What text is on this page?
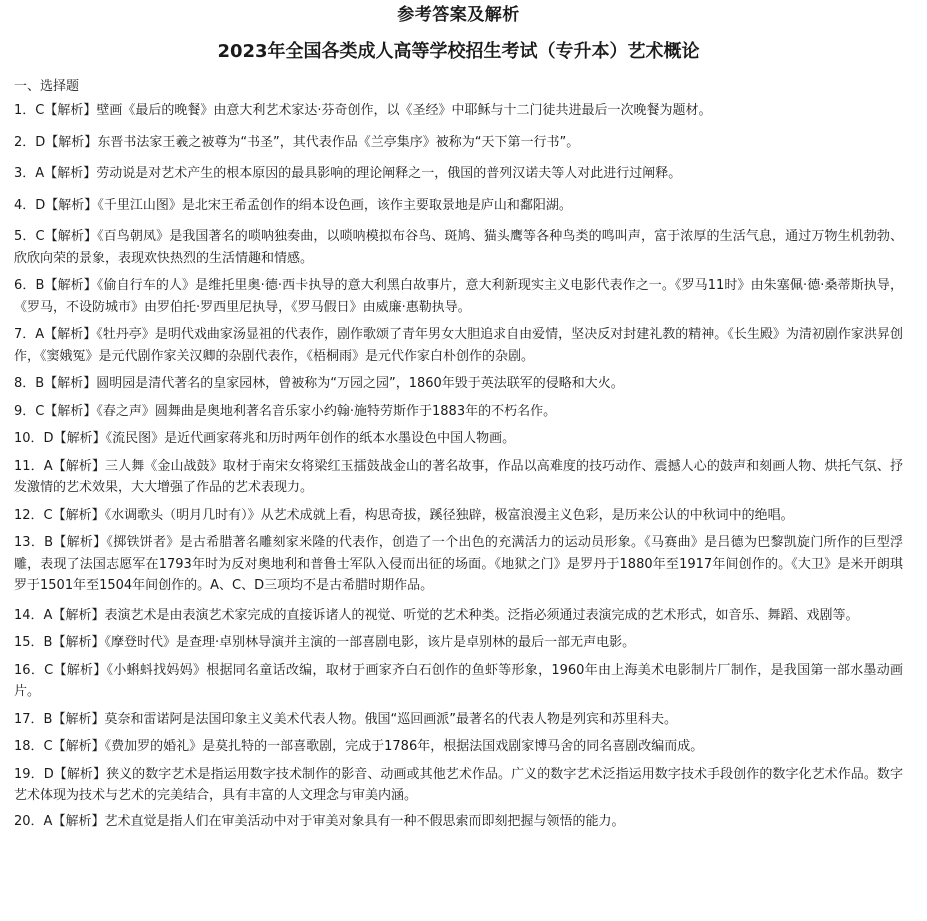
参考答案及解析
2023年全国各类成人高等学校招生考试（专升本）艺术概论
一、选择题

1．C【解析】壁画《最后的晚餐》由意大利艺术家达·芬奇创作，以《圣经》中耶稣与十二门徒共进最后一次晚餐为题材。

2．D【解析】东晋书法家王羲之被尊为“书圣”，其代表作品《兰亭集序》被称为“天下第一行书”。

3．A【解析】劳动说是对艺术产生的根本原因的最具影响的理论阐释之一，俄国的普列汉诺夫等人对此进行过阐释。

4．D【解析】《千里江山图》是北宋王希孟创作的绢本设色画，该作主要取景地是庐山和鄱阳湖。

5．C【解析】《百鸟朝凤》是我国著名的唢呐独奏曲，以唢呐模拟布谷鸟、斑鸠、猫头鹰等各种鸟类的鸣叫声，富于浓厚的生活气息，通过万物生机勃勃、欣欣向荣的景象，表现欢快热烈的生活情趣和情感。

6．B【解析】《偷自行车的人》是维托里奥·德·西卡执导的意大利黑白故事片，意大利新现实主义电影代表作之一。《罗马11时》由朱塞佩·德·桑蒂斯执导，《罗马，不设防城市》由罗伯托·罗西里尼执导，《罗马假日》由威廉·惠勒执导。

7．A【解析】《牡丹亭》是明代戏曲家汤显祖的代表作，剧作歌颂了青年男女大胆追求自由爱情，坚决反对封建礼教的精神。《长生殿》为清初剧作家洪昇创作，《窦娥冤》是元代剧作家关汉卿的杂剧代表作，《梧桐雨》是元代作家白朴创作的杂剧。

8．B【解析】圆明园是清代著名的皇家园林，曾被称为“万园之园”，1860年毁于英法联军的侵略和大火。

9．C【解析】《春之声》圆舞曲是奥地利著名音乐家小约翰·施特劳斯作于1883年的不朽名作。

10．D【解析】《流民图》是近代画家蒋兆和历时两年创作的纸本水墨设色中国人物画。

11．A【解析】三人舞《金山战鼓》取材于南宋女将梁红玉擂鼓战金山的著名故事，作品以高难度的技巧动作、震撼人心的鼓声和刻画人物、烘托气氛、抒发激情的艺术效果，大大增强了作品的艺术表现力。

12．C【解析】《水调歌头（明月几时有）》从艺术成就上看，构思奇拔，蹊径独辟，极富浪漫主义色彩，是历来公认的中秋词中的绝唱。

13．B【解析】《掷铁饼者》是古希腊著名雕刻家米隆的代表作，创造了一个出色的充满活力的运动员形象。《马赛曲》是吕德为巴黎凯旋门所作的巨型浮雕，表现了法国志愿军在1793年时为反对奥地利和普鲁士军队入侵而出征的场面。《地狱之门》是罗丹于1880年至1917年间创作的。《大卫》是米开朗琪罗于1501年至1504年间创作的。A、C、D三项均不是古希腊时期作品。

14．A【解析】表演艺术是由表演艺术家完成的直接诉诸人的视觉、听觉的艺术种类。泛指必须通过表演完成的艺术形式，如音乐、舞蹈、戏剧等。

15．B【解析】《摩登时代》是查理·卓别林导演并主演的一部喜剧电影，该片是卓别林的最后一部无声电影。

16．C【解析】《小蝌蚪找妈妈》根据同名童话改编，取材于画家齐白石创作的鱼虾等形象，1960年由上海美术电影制片厂制作，是我国第一部水墨动画片。

17．B【解析】莫奈和雷诺阿是法国印象主义美术代表人物。俄国“巡回画派”最著名的代表人物是列宾和苏里科夫。

18．C【解析】《费加罗的婚礼》是莫扎特的一部喜歌剧，完成于1786年，根据法国戏剧家博马舍的同名喜剧改编而成。

19．D【解析】狭义的数字艺术是指运用数字技术制作的影音、动画或其他艺术作品。广义的数字艺术泛指运用数字技术手段创作的数字化艺术作品。数字艺术体现为技术与艺术的完美结合，具有丰富的人文理念与审美内涵。

20．A【解析】艺术直觉是指人们在审美活动中对于审美对象具有一种不假思索而即刻把握与领悟的能力。
